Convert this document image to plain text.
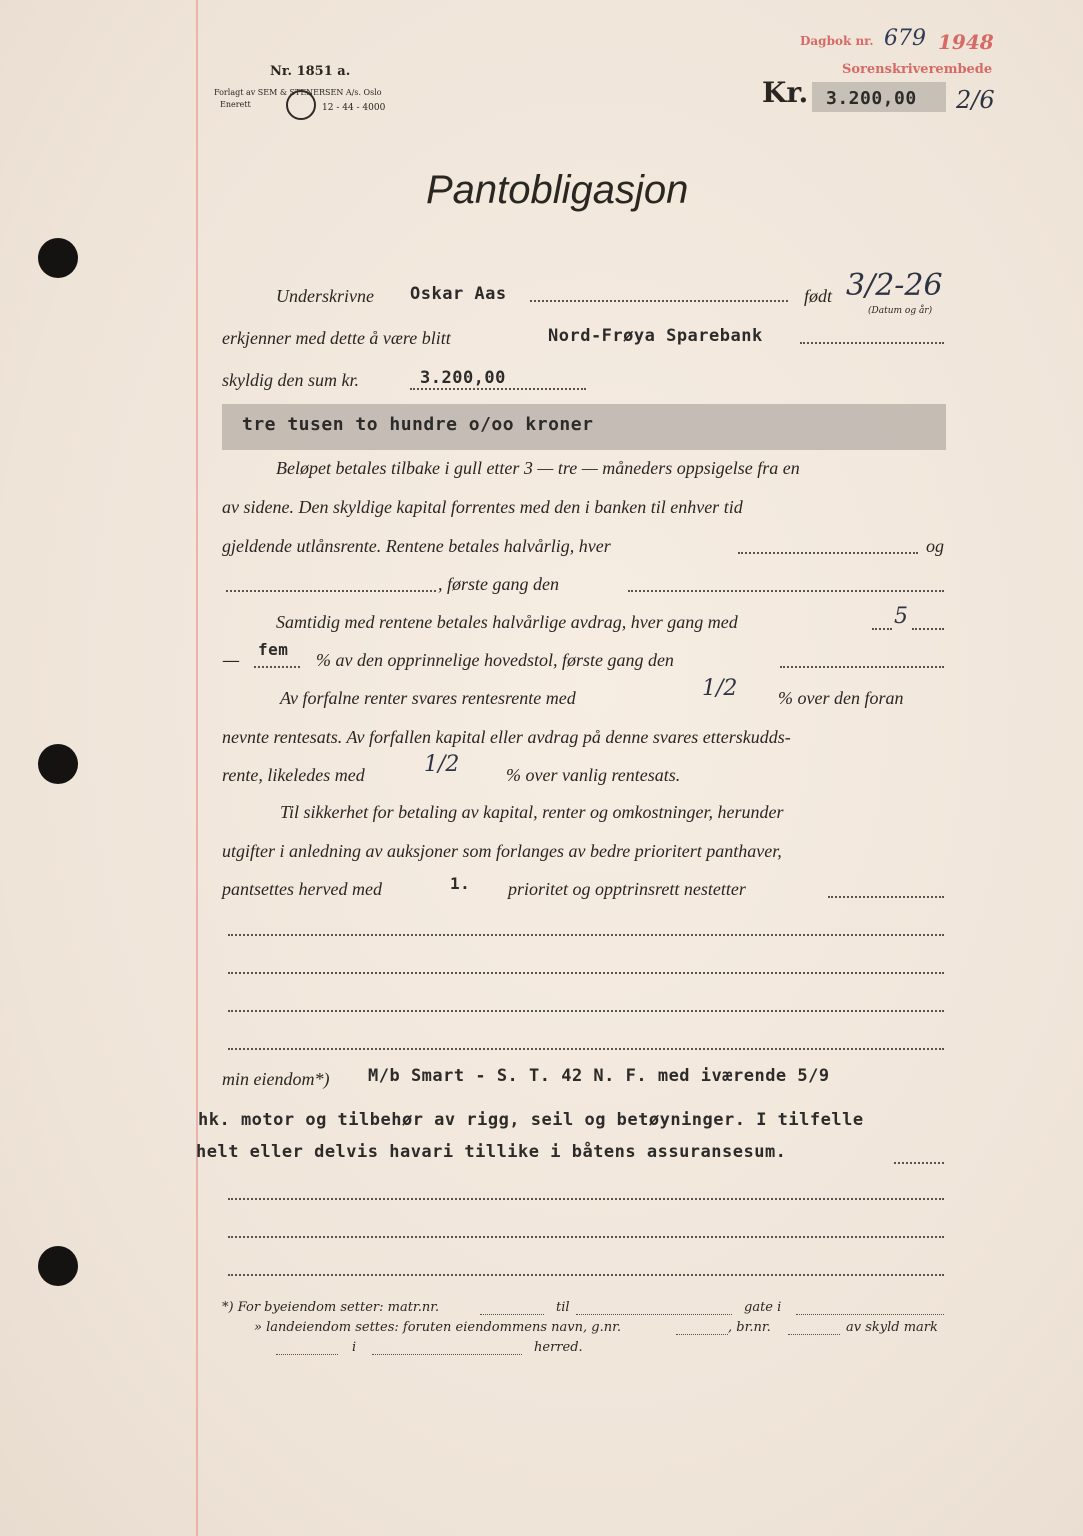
Nr. 1851 a.
Forlagt av SEM & STENERSEN A/s. Oslo
Enerett	12 - 44 - 4000
Dagbok nr. 679 1948
Sorenskriverembede
Kr. 3.200,00 2/6
Pantobligasjon
Underskrivne Oskar Aas	født 3/2-26
(Datum og år)
erkjenner med dette å være blitt	Nord-Frøya Sparebank
skyldig den sum kr.	3.200,00
tre tusen to hundre o/oo kroner
Beløpet betales tilbake i gull etter 3 — tre — måneders oppsigelse fra en
av sidene. Den skyldige kapital forrentes med den i banken til enhver tid
gjeldende utlånsrente. Rentene betales halvårlig, hver	og
, første gang den
Samtidig med rentene betales halvårlige avdrag, hver gang med	5
—
fem
% av den opprinnelige hovedstol, første gang den
Av forfalne renter svares rentesrente med	1/2 % over den foran
nevnte rentesats. Av forfallen kapital eller avdrag på denne svares etterskudds-
rente, likeledes med	1/2	% over vanlig rentesats.
Til sikkerhet for betaling av kapital, renter og omkostninger, herunder
utgifter i anledning av auksjoner som forlanges av bedre prioritert panthaver,
pantsettes herved med	1. prioritet og opptrinsrett nestetter
min eiendom*) M/b Smart - S. T. 42 N. F. med iværende 5/9
hk. motor og tilbehør av rigg, seil og betøyninger. I tilfelle
helt eller delvis havari tillike i båtens assuransesum.
*) For byeiendom setter: matr.nr.	til	gate i
» landeiendom settes: foruten eiendommens navn, g.nr.	, br.nr.	av skyld mark
i	herred.
